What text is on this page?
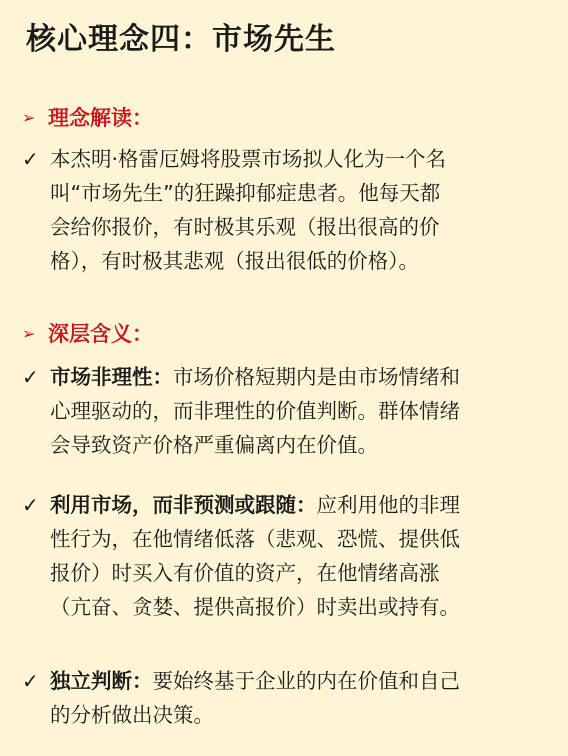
核心理念四：市场先生
➢ 理念解读：
✓ 本杰明·格雷厄姆将股票市场拟人化为一个名
叫“市场先生”的狂躁抑郁症患者。他每天都
会给你报价，有时极其乐观（报出很高的价
格），有时极其悲观（报出很低的价格）。
➢ 深层含义：
✓ 市场非理性：市场价格短期内是由市场情绪和
心理驱动的，而非理性的价值判断。群体情绪
会导致资产价格严重偏离内在价值。
✓ 利用市场，而非预测或跟随：应利用他的非理
性行为，在他情绪低落（悲观、恐慌、提供低
报价）时买入有价值的资产，在他情绪高涨
（亢奋、贪婪、提供高报价）时卖出或持有。
✓ 独立判断：要始终基于企业的内在价值和自己
的分析做出决策。
